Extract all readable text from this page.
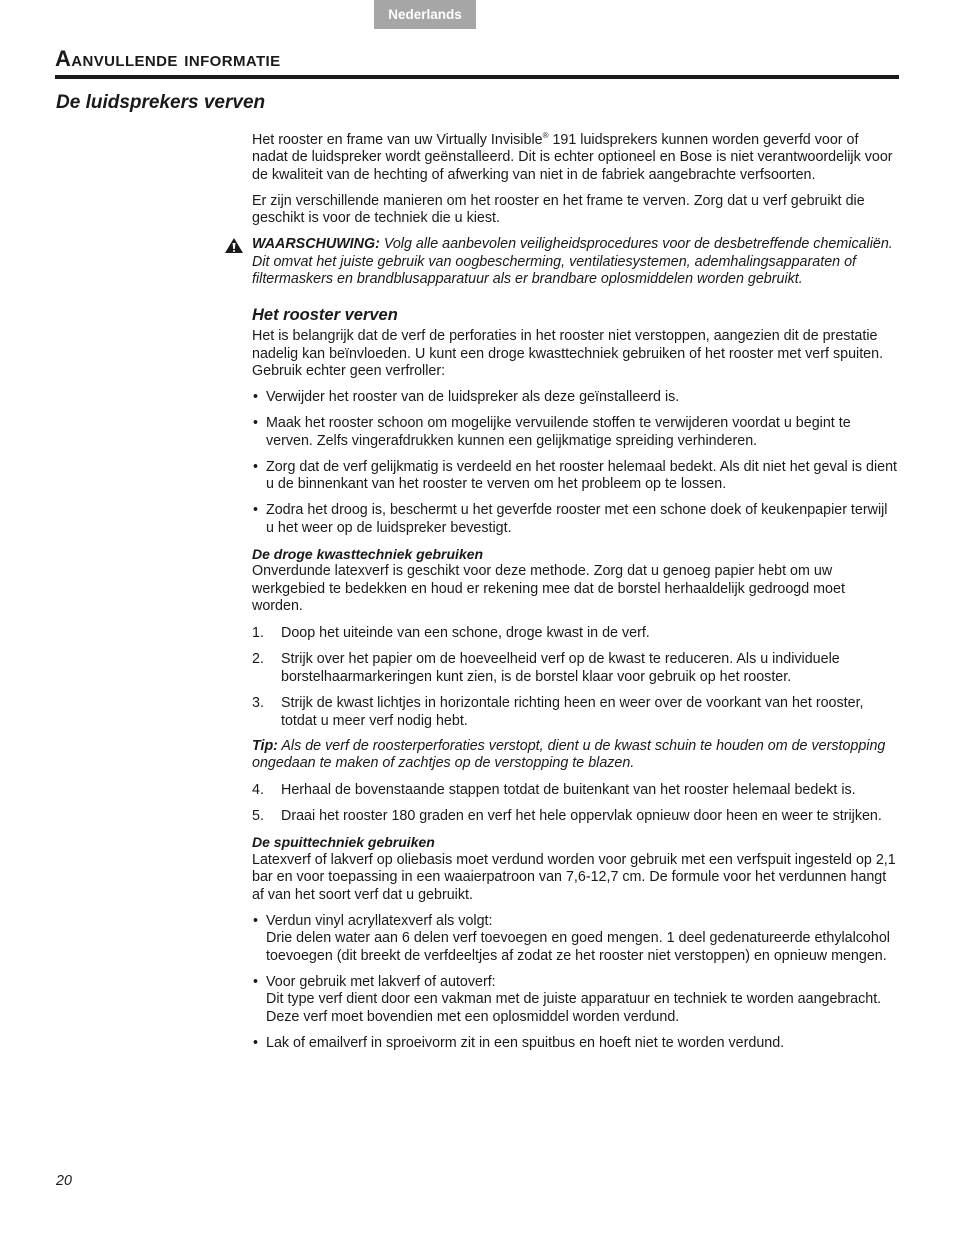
Nederlands
Aanvullende informatie
De luidsprekers verven

Het rooster en frame van uw Virtually Invisible® 191 luidsprekers kunnen worden geverfd voor of nadat de luidspreker wordt geënstalleerd. Dit is echter optioneel en Bose is niet verantwoordelijk voor de kwaliteit van de hechting of afwerking van niet in de fabriek aangebrachte verfsoorten.

Er zijn verschillende manieren om het rooster en het frame te verven. Zorg dat u verf gebruikt die geschikt is voor de techniek die u kiest.

WAARSCHUWING: Volg alle aanbevolen veiligheidsprocedures voor de desbetreffende chemicaliën. Dit omvat het juiste gebruik van oogbescherming, ventilatiesystemen, ademhalingsapparaten of filtermaskers en brandblusapparatuur als er brandbare oplosmiddelen worden gebruikt.
Het rooster verven

Het is belangrijk dat de verf de perforaties in het rooster niet verstoppen, aangezien dit de prestatie nadelig kan beïnvloeden. U kunt een droge kwasttechniek gebruiken of het rooster met verf spuiten. Gebruik echter geen verfroller:

• Verwijder het rooster van de luidspreker als deze geïnstalleerd is.
• Maak het rooster schoon om mogelijke vervuilende stoffen te verwijderen voordat u begint te verven. Zelfs vingerafdrukken kunnen een gelijkmatige spreiding verhinderen.
• Zorg dat de verf gelijkmatig is verdeeld en het rooster helemaal bedekt. Als dit niet het geval is dient u de binnenkant van het rooster te verven om het probleem op te lossen.
• Zodra het droog is, beschermt u het geverfde rooster met een schone doek of keukenpapier terwijl u het weer op de luidspreker bevestigt.
De droge kwasttechniek gebruiken

Onverdunde latexverf is geschikt voor deze methode. Zorg dat u genoeg papier hebt om uw werkgebied te bedekken en houd er rekening mee dat de borstel herhaaldelijk gedroogd moet worden.

1. Doop het uiteinde van een schone, droge kwast in de verf.
2. Strijk over het papier om de hoeveelheid verf op de kwast te reduceren. Als u individuele borstelhaarmarkeringen kunt zien, is de borstel klaar voor gebruik op het rooster.
3. Strijk de kwast lichtjes in horizontale richting heen en weer over de voorkant van het rooster, totdat u meer verf nodig hebt.

Tip: Als de verf de roosterperforaties verstopt, dient u de kwast schuin te houden om de verstopping ongedaan te maken of zachtjes op de verstopping te blazen.

4. Herhaal de bovenstaande stappen totdat de buitenkant van het rooster helemaal bedekt is.
5. Draai het rooster 180 graden en verf het hele oppervlak opnieuw door heen en weer te strijken.
De spuittechniek gebruiken

Latexverf of lakverf op oliebasis moet verdund worden voor gebruik met een verfspuit ingesteld op 2,1 bar en voor toepassing in een waaierpatroon van 7,6-12,7 cm. De formule voor het verdunnen hangt af van het soort verf dat u gebruikt.

• Verdun vinyl acryllatexverf als volgt:
Drie delen water aan 6 delen verf toevoegen en goed mengen. 1 deel gedenatureerde ethylalcohol toevoegen (dit breekt de verfdeeltjes af zodat ze het rooster niet verstoppen) en opnieuw mengen.
• Voor gebruik met lakverf of autoverf:
Dit type verf dient door een vakman met de juiste apparatuur en techniek te worden aangebracht. Deze verf moet bovendien met een oplosmiddel worden verdund.
• Lak of emailverf in sproeivorm zit in een spuitbus en hoeft niet te worden verdund.
20
